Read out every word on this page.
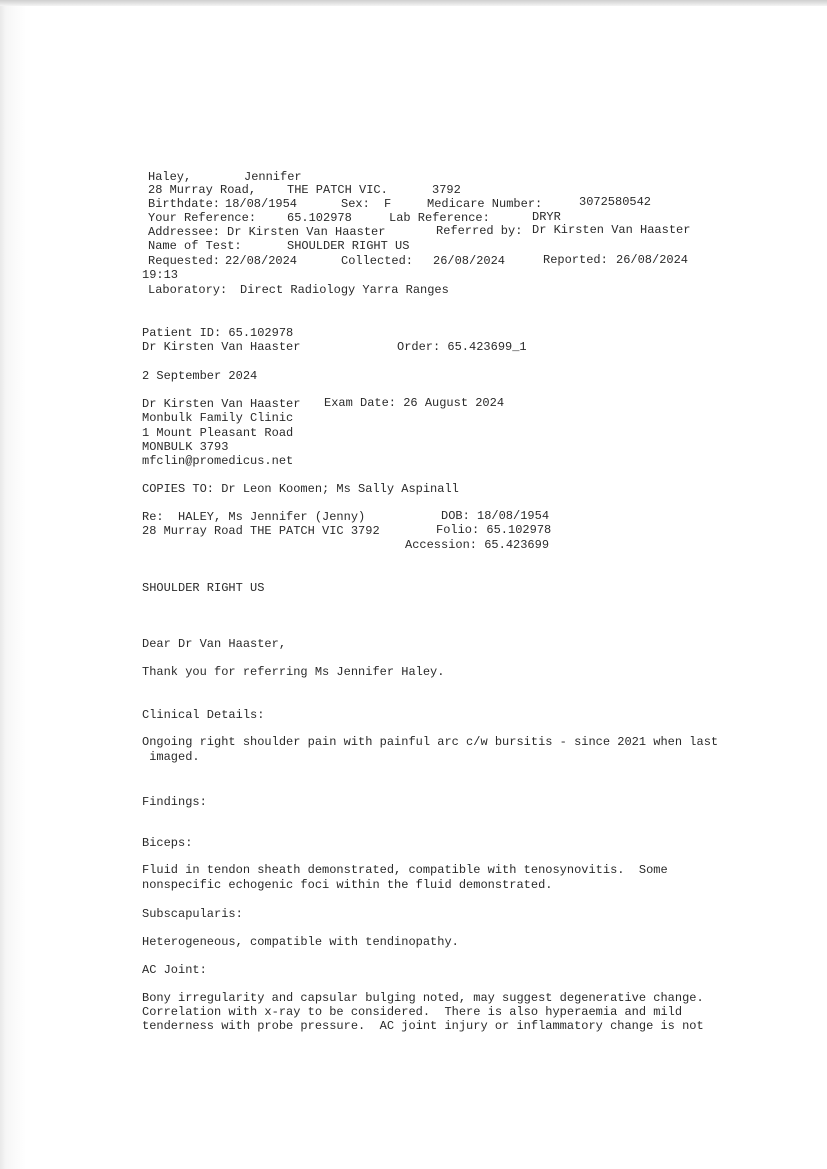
Haley,	Jennifer
28 Murray Road,	THE PATCH VIC.	3792
Birthdate: 18/08/1954	Sex: F	Medicare Number:	3072580542
Your Reference:	65.102978	Lab Reference:	DRYR
Addressee: Dr Kirsten Van Haaster	Referred by: Dr Kirsten Van Haaster
Name of Test:	SHOULDER RIGHT US
Requested: 22/08/2024	Collected: 26/08/2024	Reported: 26/08/2024
19:13
Laboratory: Direct Radiology Yarra Ranges
Patient ID: 65.102978
Dr Kirsten Van Haaster	Order: 65.423699_1
2 September 2024
Dr Kirsten Van Haaster Exam Date: 26 August 2024
Monbulk Family Clinic
1 Mount Pleasant Road
MONBULK 3793
mfclin@promedicus.net
COPIES TO: Dr Leon Koomen; Ms Sally Aspinall
Re:  HALEY, Ms Jennifer (Jenny)
28 Murray Road THE PATCH VIC 3792
DOB: 18/08/1954
Folio: 65.102978
Accession: 65.423699
SHOULDER RIGHT US
Dear Dr Van Haaster,
Thank you for referring Ms Jennifer Haley.
Clinical Details:
Ongoing right shoulder pain with painful arc c/w bursitis - since 2021 when last
imaged.
Findings:
Biceps:
Fluid in tendon sheath demonstrated, compatible with tenosynovitis.  Some
nonspecific echogenic foci within the fluid demonstrated.
Subscapularis:
Heterogeneous, compatible with tendinopathy.
AC Joint:
Bony irregularity and capsular bulging noted, may suggest degenerative change.
Correlation with x-ray to be considered.  There is also hyperaemia and mild
tenderness with probe pressure.  AC joint injury or inflammatory change is not
